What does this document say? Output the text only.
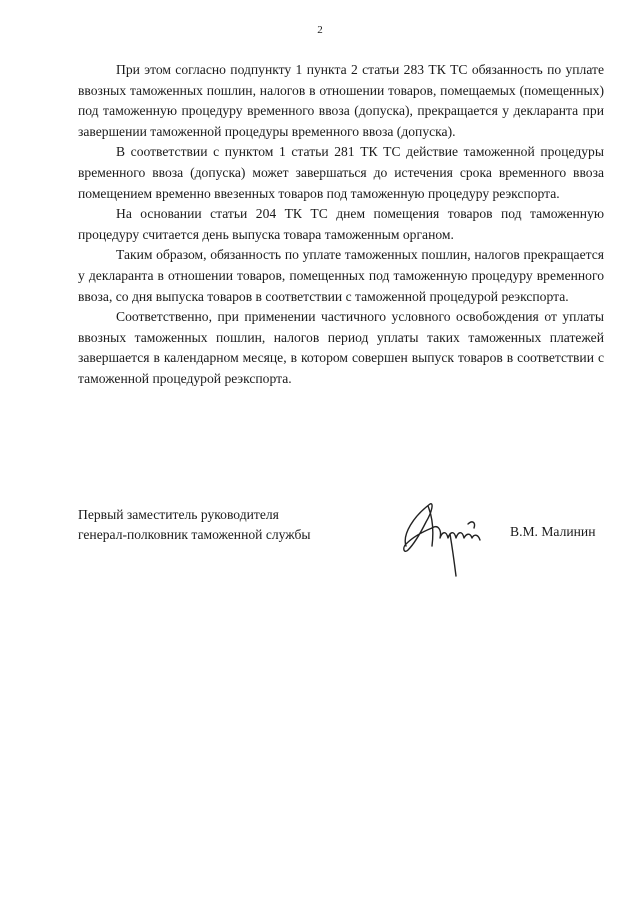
2

При этом согласно подпункту 1 пункта 2 статьи 283 ТК ТС обязанность по уплате ввозных таможенных пошлин, налогов в отношении товаров, помещаемых (помещенных) под таможенную процедуру временного ввоза (допуска), прекращается у декларанта при завершении таможенной процедуры временного ввоза (допуска).

В соответствии с пунктом 1 статьи 281 ТК ТС действие таможенной процедуры временного ввоза (допуска) может завершаться до истечения срока временного ввоза помещением временно ввезенных товаров под таможенную процедуру реэкспорта.

На основании статьи 204 ТК ТС днем помещения товаров под таможенную процедуру считается день выпуска товара таможенным органом.

Таким образом, обязанность по уплате таможенных пошлин, налогов прекращается у декларанта в отношении товаров, помещенных под таможенную процедуру временного ввоза, со дня выпуска товаров в соответствии с таможенной процедурой реэкспорта.

Соответственно, при применении частичного условного освобождения от уплаты ввозных таможенных пошлин, налогов период уплаты таких таможенных платежей завершается в календарном месяце, в котором совершен выпуск товаров в соответствии с таможенной процедурой реэкспорта.

Первый заместитель руководителя
генерал-полковник таможенной службы	В.М. Малинин
